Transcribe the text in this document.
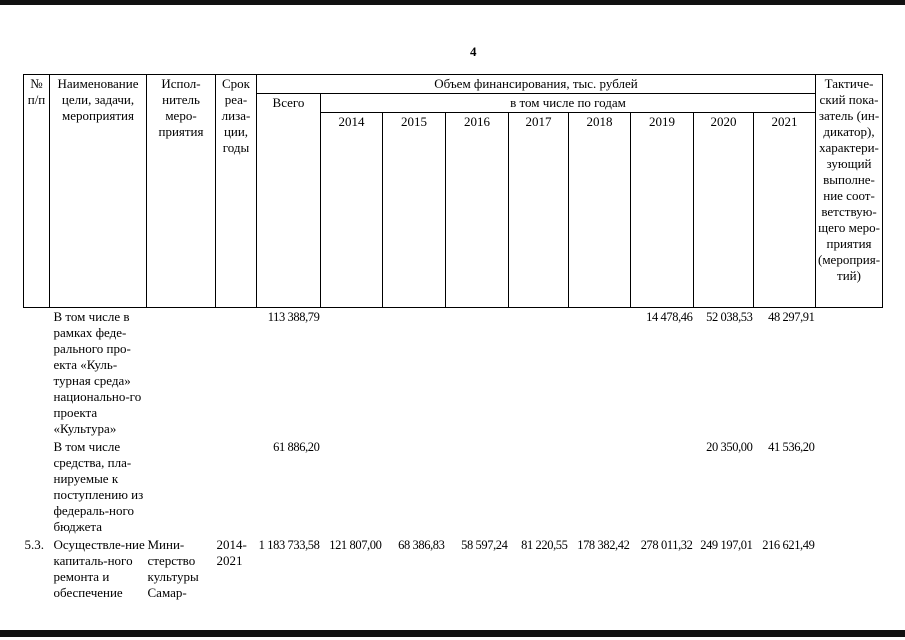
4
№ п/п	Наименование цели, задачи, мероприятия	Испол-нитель меро-приятия	Срок реа-лиза-ции, годы	Объем финансирования, тыс. рублей									Тактиче-ский пока-затель (ин-дикатор), характери-зующий выполне-ние соот-ветствую-щего меро-приятия (мероприя-тий)
				Всего	в том числе по годам								
					2014	2015	2016	2017	2018	2019	2020	2021	
	В том числе в рамках феде-рального про-екта «Куль-турная среда» национально-го проекта «Культура»			113 388,79						14 478,46	52 038,53	48 297,91	
	В том числе средства, пла-нируемые к поступлению из федераль-ного бюджета			61 886,20							20 350,00	41 536,20	
5.3.	Осуществле-ние капиталь-ного ремонта и обеспечение	Мини-стерство культуры Самар-	2014-2021	1 183 733,58	121 807,00	68 386,83	58 597,24	81 220,55	178 382,42	278 011,32	249 197,01	216 621,49	
